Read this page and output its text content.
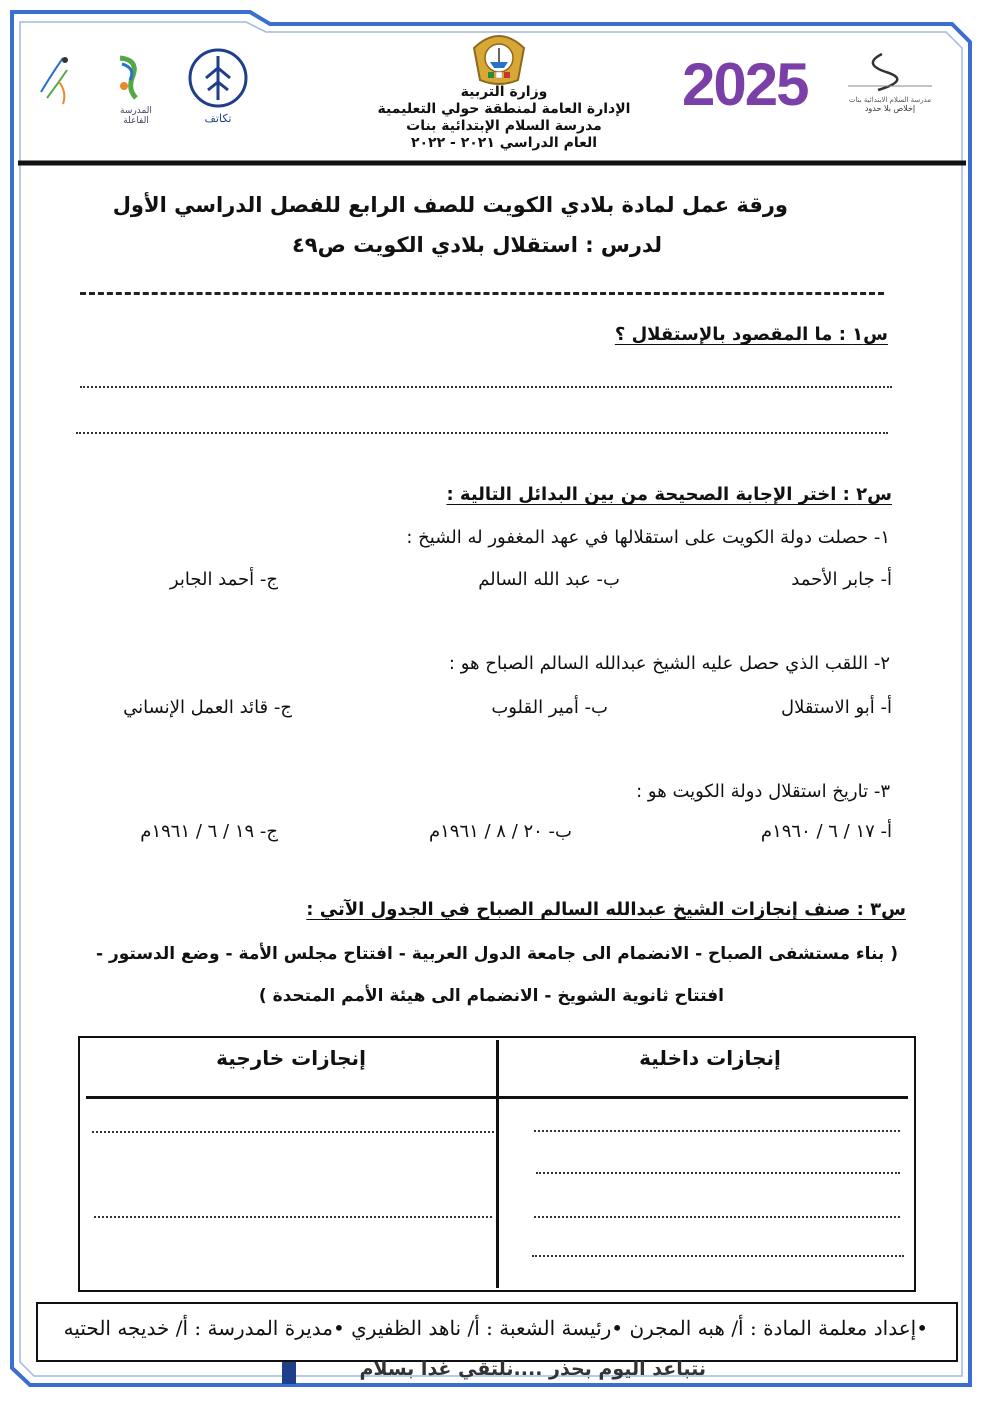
المدرسة الفاعلة	تكاتف
وزارة التربية
الإدارة العامة لمنطقة حولي التعليمية
مدرسة السلام الإبتدائية بنات
العام الدراسي ٢٠٢١ - ٢٠٢٢
2025	مدرسة السلام الابتدائية بنات
إخلاص بلا حدود
ورقة عمل لمادة بلادي الكويت للصف الرابع للفصل الدراسي الأول
لدرس : استقلال بلادي الكويت ص٤٩
س١ : ما المقصود بالإستقلال ؟
س٢ : اختر الإجابة الصحيحة من بين البدائل التالية :
١- حصلت دولة الكويت على استقلالها في عهد المغفور له الشيخ :
أ- جابر الأحمد
ب- عبد الله السالم
ج- أحمد الجابر
٢- اللقب الذي حصل عليه الشيخ عبدالله السالم الصباح هو :
أ- أبو الاستقلال
ب- أمير القلوب
ج- قائد العمل الإنساني
٣- تاريخ استقلال دولة الكويت هو :
أ- ١٧ / ٦ / ١٩٦٠م
ب- ٢٠ / ٨ / ١٩٦١م
ج- ١٩ / ٦ / ١٩٦١م
س٣ : صنف إنجازات الشيخ عبدالله السالم الصباح في الجدول الآتي :
( بناء مستشفى الصباح - الانضمام الى جامعة الدول العربية - افتتاح مجلس الأمة - وضع الدستور -
افتتاح ثانوية الشويخ - الانضمام الى هيئة الأمم المتحدة )
إنجازات داخلية
إنجازات خارجية
•إعداد معلمة المادة : أ/ هبه المجرن •رئيسة الشعبة : أ/ ناهد الظفيري •مديرة المدرسة : أ/ خديجه الحتيه
نتباعد اليوم بحذر ....نلتقي غدا بسلام
